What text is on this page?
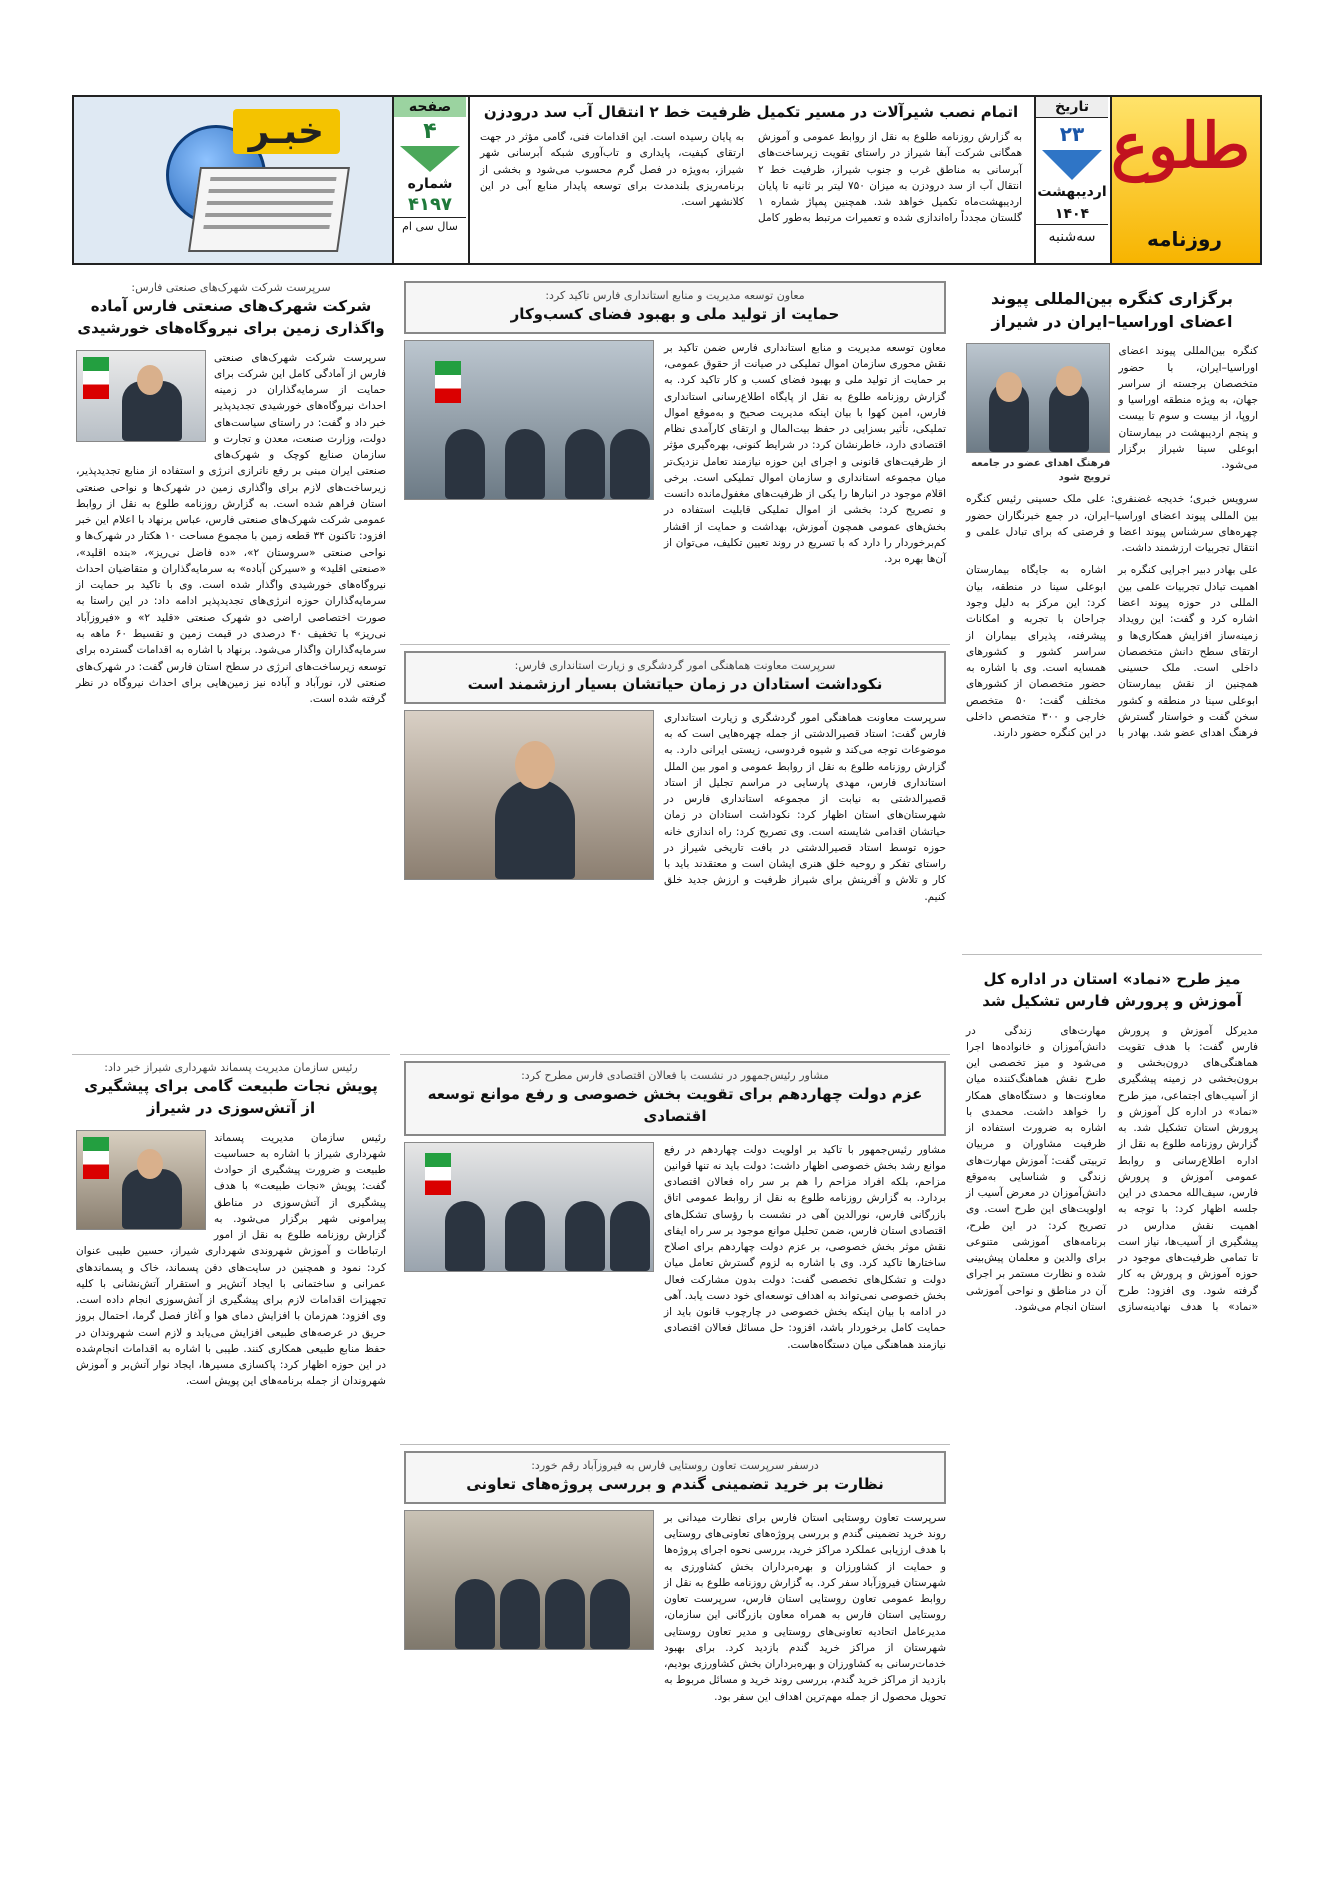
طلوع
روزنامه
تاریخ
۲۳
اردیبهشت
۱۴۰۴
سه‌شنبه
اتمام نصب شیرآلات در مسیر تکمیل ظرفیت خط ۲ انتقال آب سد درودزن

به گزارش روزنامه طلوع به نقل از روابط عمومی و آموزش همگانی شرکت آبفا شیراز در راستای تقویت زیرساخت‌های آبرسانی به مناطق غرب و جنوب شیراز، ظرفیت خط ۲ انتقال آب از سد درودزن به میزان ۷۵۰ لیتر بر ثانیه تا پایان اردیبهشت‌ماه تکمیل خواهد شد. همچنین پمپاژ شماره ۱ گلستان مجدداً راه‌اندازی شده و تعمیرات مرتبط به‌طور کامل به پایان رسیده است. این اقدامات فنی، گامی مؤثر در جهت ارتقای کیفیت، پایداری و تاب‌آوری شبکه آبرسانی شهر شیراز، به‌ویژه در فصل گرم محسوب می‌شود و بخشی از برنامه‌ریزی بلندمدت برای توسعه پایدار منابع آبی در این کلانشهر است.

صفحه
۴
شماره
۴۱۹۷
سال سی ام
خبـر
برگزاری کنگره بین‌المللی پیوند اعضای اوراسیا–ایران در شیراز
کنگره بین‌المللی پیوند اعضای اوراسیا–ایران، با حضور متخصصان برجسته از سراسر جهان، به ویژه منطقه اوراسیا و اروپا، از بیست و سوم تا بیست و پنجم اردیبهشت در بیمارستان ابوعلی سینا شیراز برگزار می‌شود.
فرهنگ اهدای عضو در جامعه ترویج شود
سرویس خبری؛ خدیجه غضنفری: علی ملک حسینی رئیس کنگره بین المللی پیوند اعضای اوراسیا–ایران، در جمع خبرنگاران حضور چهره‌های سرشناس پیوند اعضا و فرصتی که برای تبادل علمی و انتقال تجربیات ارزشمند داشت.
علی بهادر دبیر اجرایی کنگره بر اهمیت تبادل تجربیات علمی بین المللی در حوزه پیوند اعضا اشاره کرد و گفت: این رویداد زمینه‌ساز افزایش همکاری‌ها و ارتقای سطح دانش متخصصان داخلی است. ملک حسینی همچنین از نقش بیمارستان ابوعلی سینا در منطقه و کشور سخن گفت و خواستار گسترش فرهنگ اهدای عضو شد. بهادر با اشاره به جایگاه بیمارستان ابوعلی سینا در منطقه، بیان کرد: این مرکز به دلیل وجود جراحان با تجربه و امکانات پیشرفته، پذیرای بیماران از سراسر کشور و کشورهای همسایه است. وی با اشاره به حضور متخصصان از کشورهای مختلف گفت: ۵۰ متخصص خارجی و ۳۰۰ متخصص داخلی در این کنگره حضور دارند.
میز طرح «نماد» استان در اداره کل آموزش و پرورش فارس تشکیل شد
مدیرکل آموزش و پرورش فارس گفت: با هدف تقویت هماهنگی‌های درون‌بخشی و برون‌بخشی در زمینه پیشگیری از آسیب‌های اجتماعی، میز طرح «نماد» در اداره کل آموزش و پرورش استان تشکیل شد. به گزارش روزنامه طلوع به نقل از اداره اطلاع‌رسانی و روابط عمومی آموزش و پرورش فارس، سیف‌الله محمدی در این جلسه اظهار کرد: با توجه به اهمیت نقش مدارس در پیشگیری از آسیب‌ها، نیاز است تا تمامی ظرفیت‌های موجود در حوزه آموزش و پرورش به کار گرفته شود. وی افزود: طرح «نماد» با هدف نهادینه‌سازی مهارت‌های زندگی در دانش‌آموزان و خانواده‌ها اجرا می‌شود و میز تخصصی این طرح نقش هماهنگ‌کننده میان معاونت‌ها و دستگاه‌های همکار را خواهد داشت. محمدی با اشاره به ضرورت استفاده از ظرفیت مشاوران و مربیان تربیتی گفت: آموزش مهارت‌های زندگی و شناسایی به‌موقع دانش‌آموزان در معرض آسیب از اولویت‌های این طرح است. وی تصریح کرد: در این طرح، برنامه‌های آموزشی متنوعی برای والدین و معلمان پیش‌بینی شده و نظارت مستمر بر اجرای آن در مناطق و نواحی آموزشی استان انجام می‌شود.
معاون توسعه مدیریت و منابع استانداری فارس تاکید کرد:
حمایت از تولید ملی و بهبود فضای کسب‌وکار
معاون توسعه مدیریت و منابع استانداری فارس ضمن تاکید بر نقش محوری سازمان اموال تملیکی در صیانت از حقوق عمومی، بر حمایت از تولید ملی و بهبود فضای کسب و کار تاکید کرد. به گزارش روزنامه طلوع به نقل از پایگاه اطلاع‌رسانی استانداری فارس، امین کهوا با بیان اینکه مدیریت صحیح و به‌موقع اموال تملیکی، تأثیر بسزایی در حفظ بیت‌المال و ارتقای کارآمدی نظام اقتصادی دارد، خاطرنشان کرد: در شرایط کنونی، بهره‌گیری مؤثر از ظرفیت‌های قانونی و اجرای این حوزه نیازمند تعامل نزدیک‌تر میان مجموعه استانداری و سازمان اموال تملیکی است. برخی اقلام موجود در انبارها را یکی از ظرفیت‌های مغفول‌مانده دانست و تصریح کرد: بخشی از اموال تملیکی قابلیت استفاده در بخش‌های عمومی همچون آموزش، بهداشت و حمایت از اقشار کم‌برخوردار را دارد که با تسریع در روند تعیین تکلیف، می‌توان از آن‌ها بهره برد.
سرپرست معاونت هماهنگی امور گردشگری و زیارت استانداری فارس:
نکوداشت استادان در زمان حیاتشان بسیار ارزشمند است
سرپرست معاونت هماهنگی امور گردشگری و زیارت استانداری فارس گفت: استاد قصیرالدشتی از جمله چهره‌هایی است که به موضوعات توجه می‌کند و شیوه فردوسی، زیستی ایرانی دارد. به گزارش روزنامه طلوع به نقل از روابط عمومی و امور بین الملل استانداری فارس، مهدی پارسایی در مراسم تجلیل از استاد قصیرالدشتی به نیابت از مجموعه استانداری فارس در شهرستان‌های استان اظهار کرد: نکوداشت استادان در زمان حیاتشان اقدامی شایسته است. وی تصریح کرد: راه اندازی خانه حوزه توسط استاد قصیرالدشتی در بافت تاریخی شیراز در راستای تفکر و روحیه خلق هنری ایشان است و معتقدند باید با کار و تلاش و آفرینش برای شیراز ظرفیت و ارزش جدید خلق کنیم.
مشاور رئیس‌جمهور در نشست با فعالان اقتصادی فارس مطرح کرد:
عزم دولت چهاردهم برای تقویت بخش خصوصی و رفع موانع توسعه اقتصادی
مشاور رئیس‌جمهور با تاکید بر اولویت دولت چهاردهم در رفع موانع رشد بخش خصوصی اظهار داشت: دولت باید نه تنها قوانین مزاحم، بلکه افراد مزاحم را هم بر سر راه فعالان اقتصادی بردارد. به گزارش روزنامه طلوع به نقل از روابط عمومی اتاق بازرگانی فارس، نورالدین آهی در نشست با رؤسای تشکل‌های اقتصادی استان فارس، ضمن تحلیل موانع موجود بر سر راه ایفای نقش موثر بخش خصوصی، بر عزم دولت چهاردهم برای اصلاح ساختارها تاکید کرد. وی با اشاره به لزوم گسترش تعامل میان دولت و تشکل‌های تخصصی گفت: دولت بدون مشارکت فعال بخش خصوصی نمی‌تواند به اهداف توسعه‌ای خود دست یابد. آهی در ادامه با بیان اینکه بخش خصوصی در چارچوب قانون باید از حمایت کامل برخوردار باشد، افزود: حل مسائل فعالان اقتصادی نیازمند هماهنگی میان دستگاه‌هاست.
درسفر سرپرست تعاون روستایی فارس به فیروزآباد رقم خورد:
نظارت بر خرید تضمینی گندم و بررسی پروژه‌های تعاونی
سرپرست تعاون روستایی استان فارس برای نظارت میدانی بر روند خرید تضمینی گندم و بررسی پروژه‌های تعاونی‌های روستایی با هدف ارزیابی عملکرد مراکز خرید، بررسی نحوه اجرای پروژه‌ها و حمایت از کشاورزان و بهره‌برداران بخش کشاورزی به شهرستان فیروزآباد سفر کرد. به گزارش روزنامه طلوع به نقل از روابط عمومی تعاون روستایی استان فارس، سرپرست تعاون روستایی استان فارس به همراه معاون بازرگانی این سازمان، مدیرعامل اتحادیه تعاونی‌های روستایی و مدیر تعاون روستایی شهرستان از مراکز خرید گندم بازدید کرد. برای بهبود خدمات‌رسانی به کشاورزان و بهره‌برداران بخش کشاورزی بودیم، بازدید از مراکز خرید گندم، بررسی روند خرید و مسائل مربوط به تحویل محصول از جمله مهم‌ترین اهداف این سفر بود.
سرپرست شرکت شهرک‌های صنعتی فارس:
شرکت شهرک‌های صنعتی فارس آماده واگذاری زمین برای نیروگاه‌های خورشیدی
سرپرست شرکت شهرک‌های صنعتی فارس از آمادگی کامل این شرکت برای حمایت از سرمایه‌گذاران در زمینه احداث نیروگاه‌های خورشیدی تجدیدپذیر خبر داد و گفت: در راستای سیاست‌های دولت، وزارت صنعت، معدن و تجارت و سازمان صنایع کوچک و شهرک‌های صنعتی ایران مبنی بر رفع ناترازی انرژی و استفاده از منابع تجدیدپذیر، زیرساخت‌های لازم برای واگذاری زمین در شهرک‌ها و نواحی صنعتی استان فراهم شده است. به گزارش روزنامه طلوع به نقل از روابط عمومی شرکت شهرک‌های صنعتی فارس، عباس برنهاد با اعلام این خبر افزود: تاکنون ۳۴ قطعه زمین با مجموع مساحت ۱۰ هکتار در شهرک‌ها و نواحی صنعتی «سروستان ۲»، «ده فاضل نی‌ریز»، «بنده اقلید»، «صنعتی اقلید» و «سیرکن آباده» به سرمایه‌گذاران و متقاضیان احداث نیروگاه‌های خورشیدی واگذار شده است. وی با تاکید بر حمایت از سرمایه‌گذاران حوزه انرژی‌های تجدیدپذیر ادامه داد: در این راستا به صورت اختصاصی اراضی دو شهرک صنعتی «قلید ۲» و «فیروزآباد نی‌ریز» با تخفیف ۴۰ درصدی در قیمت زمین و تقسیط ۶۰ ماهه به سرمایه‌گذاران واگذار می‌شود. برنهاد با اشاره به اقدامات گسترده برای توسعه زیرساخت‌های انرژی در سطح استان فارس گفت: در شهرک‌های صنعتی لار، نورآباد و آباده نیز زمین‌هایی برای احداث نیروگاه در نظر گرفته شده است.
رئیس سازمان مدیریت پسماند شهرداری شیراز خبر داد:
پویش نجات طبیعت گامی برای پیشگیری از آتش‌سوزی در شیراز
رئیس سازمان مدیریت پسماند شهرداری شیراز با اشاره به حساسیت طبیعت و ضرورت پیشگیری از حوادث گفت: پویش «نجات طبیعت» با هدف پیشگیری از آتش‌سوزی در مناطق پیرامونی شهر برگزار می‌شود. به گزارش روزنامه طلوع به نقل از امور ارتباطات و آموزش شهروندی شهرداری شیراز، حسین طیبی عنوان کرد: نمود و همچنین در سایت‌های دفن پسماند، خاک و پسماندهای عمرانی و ساختمانی با ایجاد آتش‌بر و استقرار آتش‌نشانی با کلیه تجهیزات اقدامات لازم برای پیشگیری از آتش‌سوزی انجام داده است. وی افزود: هم‌زمان با افزایش دمای هوا و آغاز فصل گرما، احتمال بروز حریق در عرصه‌های طبیعی افزایش می‌یابد و لازم است شهروندان در حفظ منابع طبیعی همکاری کنند. طیبی با اشاره به اقدامات انجام‌شده در این حوزه اظهار کرد: پاکسازی مسیرها، ایجاد نوار آتش‌بر و آموزش شهروندان از جمله برنامه‌های این پویش است.
